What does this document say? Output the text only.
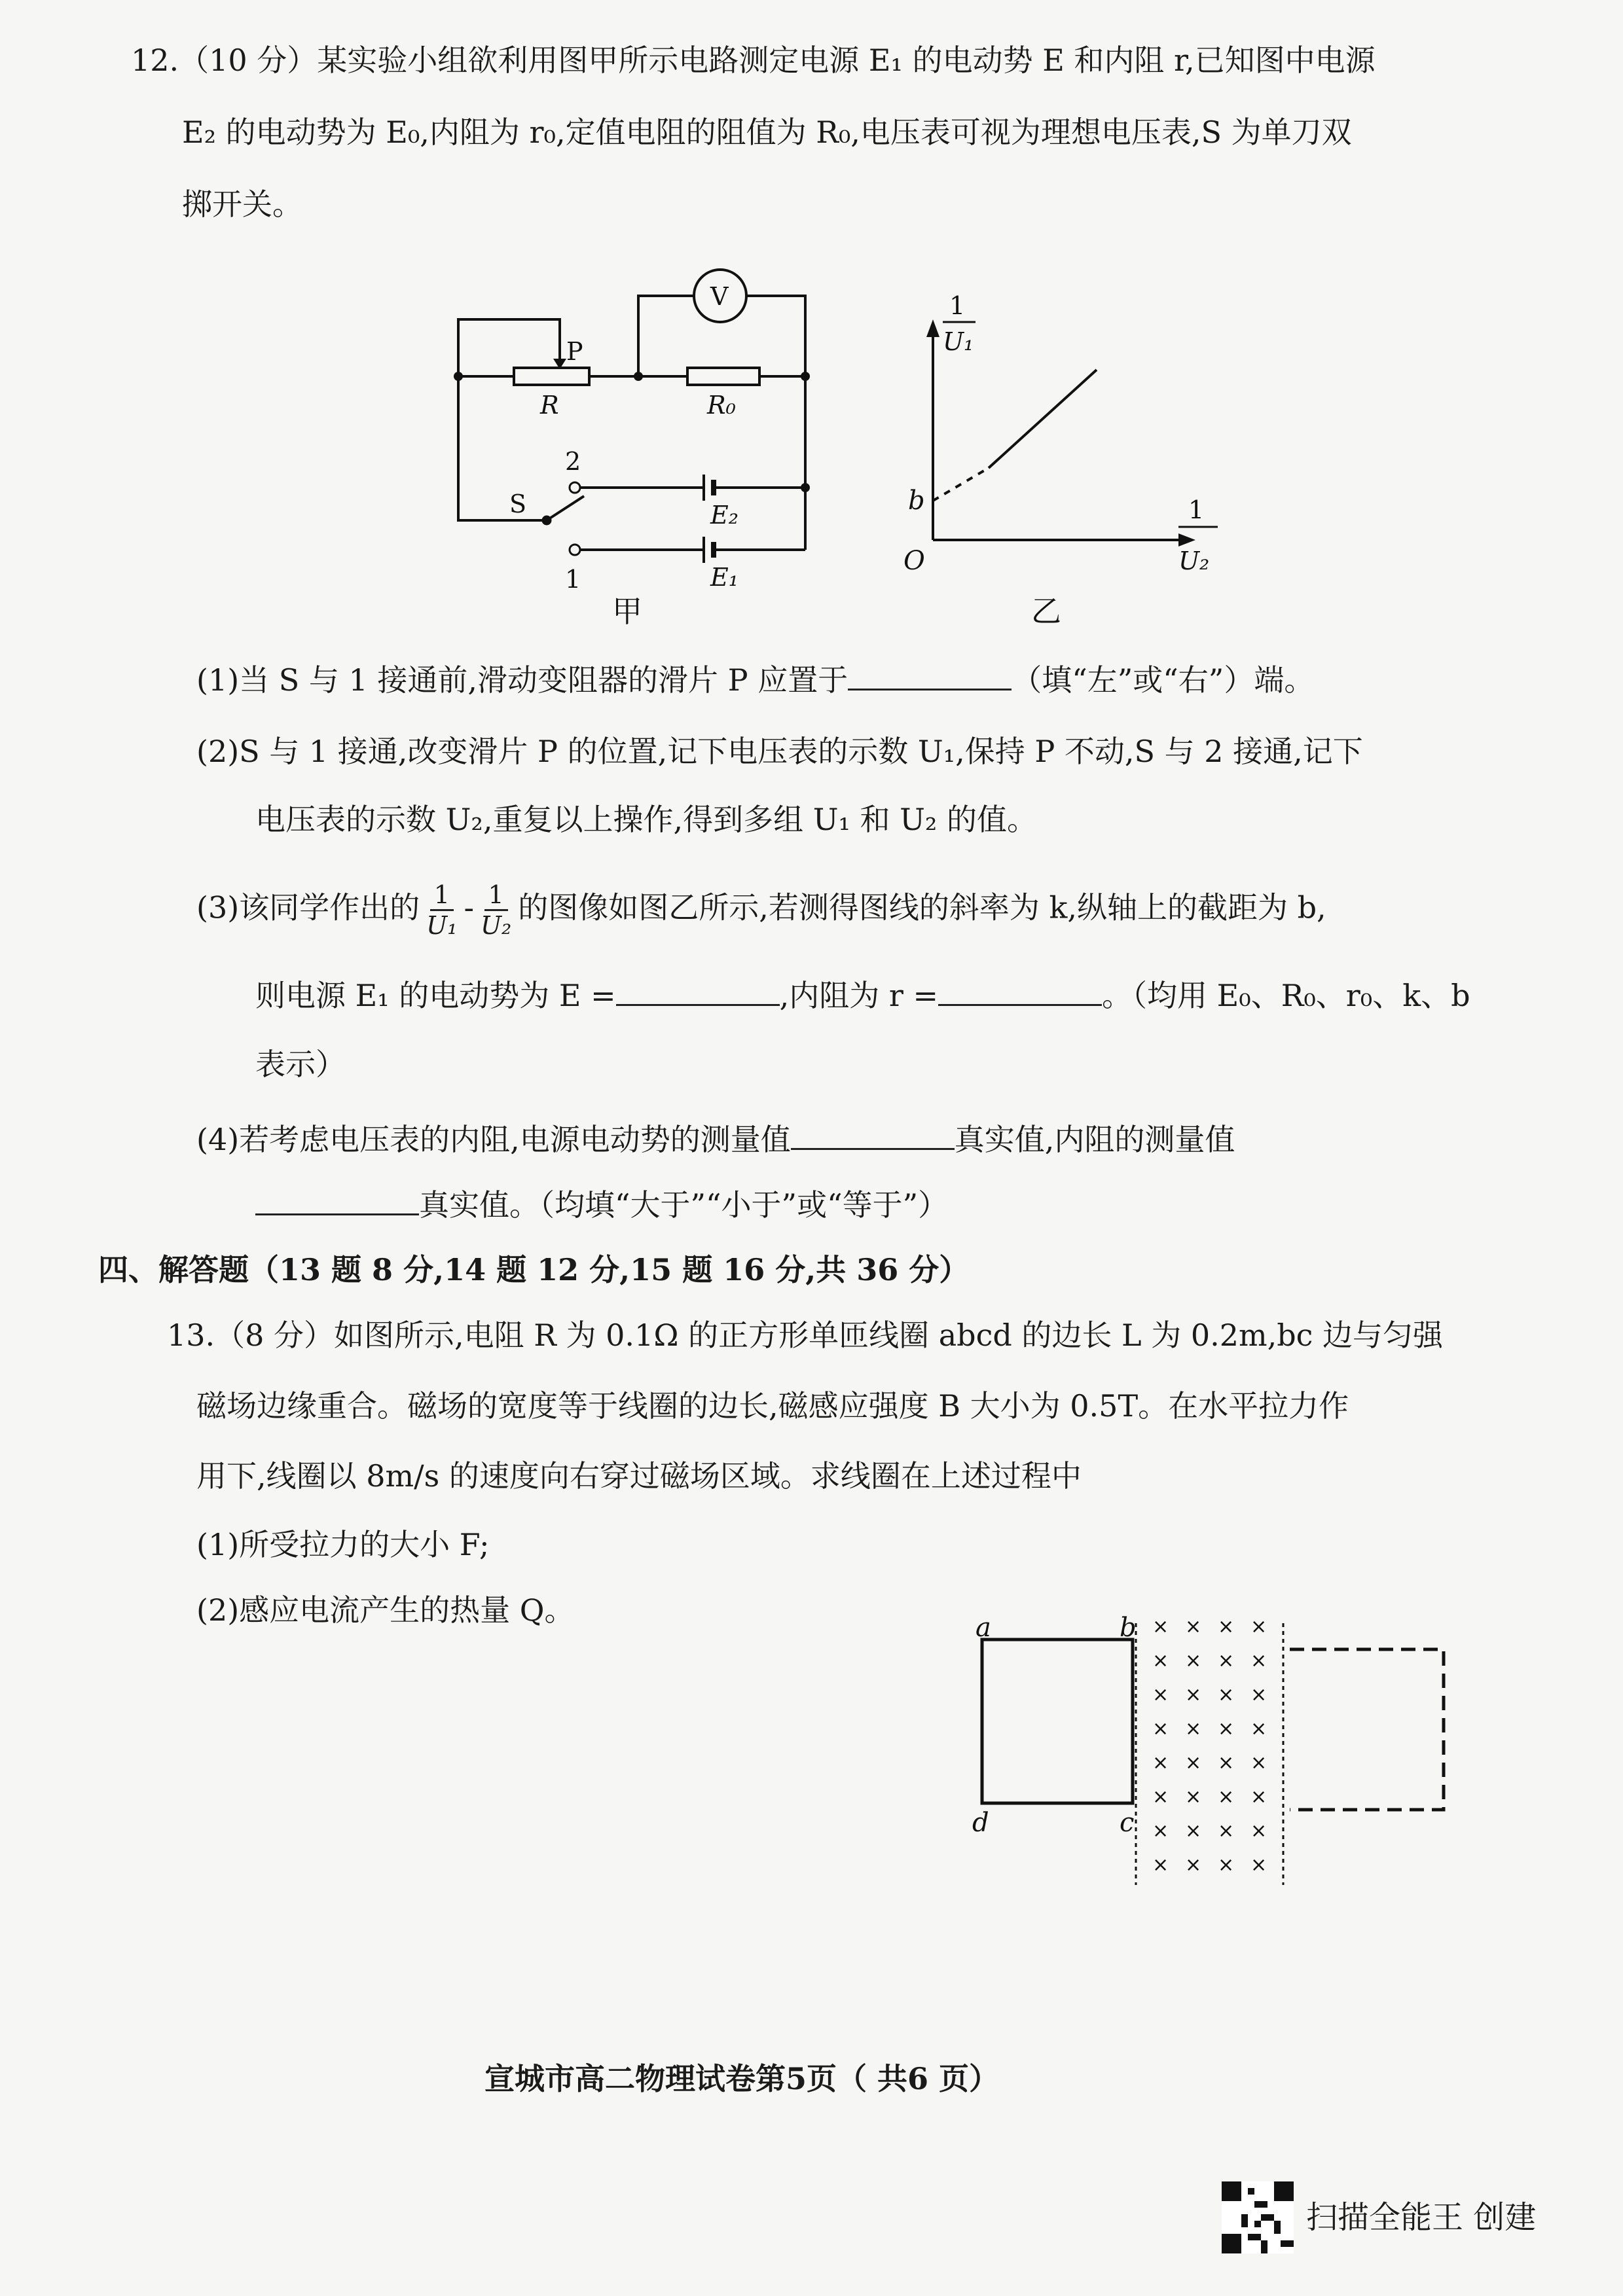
12.（10 分）某实验小组欲利用图甲所示电路测定电源 E₁ 的电动势 E 和内阻 r,已知图中电源
E₂ 的电动势为 E₀,内阻为 r₀,定值电阻的阻值为 R₀,电压表可视为理想电压表,S 为单刀双
掷开关。
V
P
R	R₀
S
2
1
E₂
E₁
甲
1
U₁
1
U₂
O
b
乙
(1)当 S 与 1 接通前,滑动变阻器的滑片 P 应置于	（填“左”或“右”）端。
(2)S 与 1 接通,改变滑片 P 的位置,记下电压表的示数 U₁,保持 P 不动,S 与 2 接通,记下
电压表的示数 U₂,重复以上操作,得到多组 U₁ 和 U₂ 的值。
(3)该同学作出的 $\frac{1}{\text{U₁}} - \frac{1}{\text{U₂}}$ 的图像如图乙所示,若测得图线的斜率为 k,纵轴上的截距为 b,
则电源 E₁ 的电动势为 E =	,内阻为 r =	。（均用 E₀、R₀、r₀、k、b
表示）
(4)若考虑电压表的内阻,电源电动势的测量值	真实值,内阻的测量值
真实值。（均填“大于”“小于”或“等于”）
四、解答题（13 题 8 分,14 题 12 分,15 题 16 分,共 36 分）
13.（8 分）如图所示,电阻 R 为 0.1Ω 的正方形单匝线圈 abcd 的边长 L 为 0.2m,bc 边与匀强
磁场边缘重合。磁场的宽度等于线圈的边长,磁感应强度 B 大小为 0.5T。在水平拉力作
用下,线圈以 8m/s 的速度向右穿过磁场区域。求线圈在上述过程中
(1)所受拉力的大小 F;
(2)感应电流产生的热量 Q。	× × × ×
× × × ×
× × × ×
× × × ×
× × × ×
× × × ×
× × × ×
× × × ×
a	b
c
d
宣城市高二物理试卷第5页（ 共6 页）
扫描全能王 创建
